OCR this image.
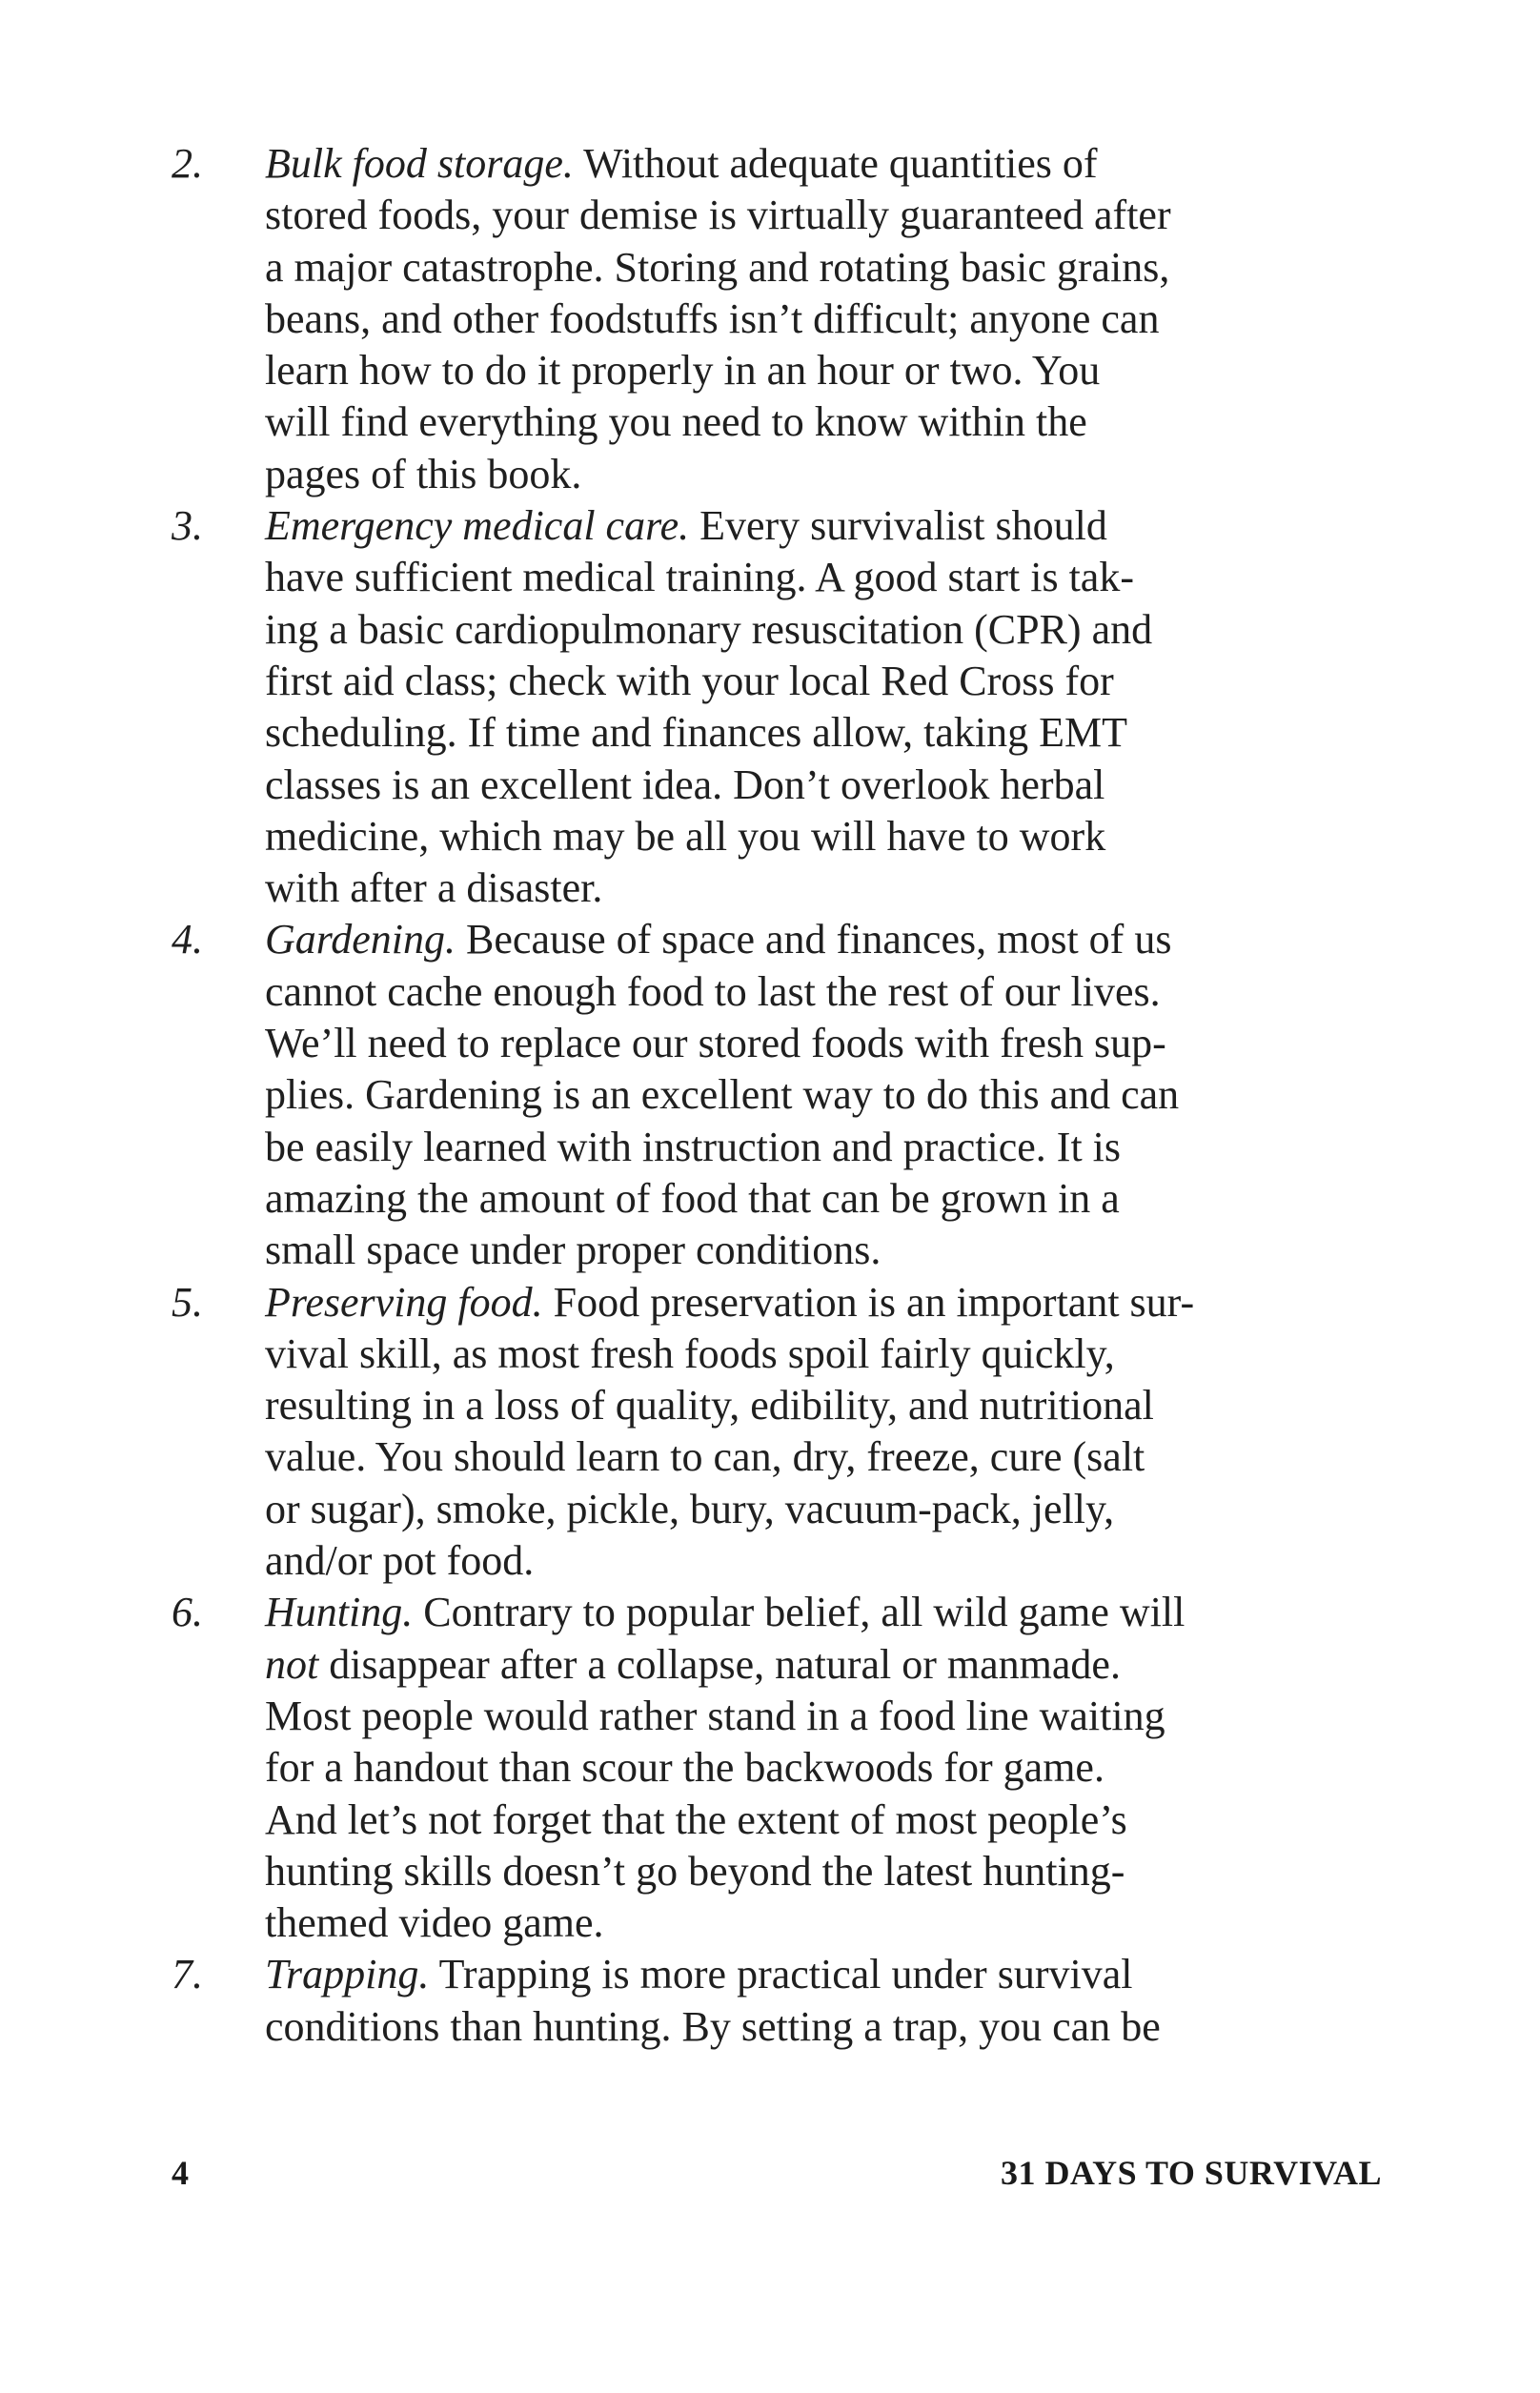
2. Bulk food storage. Without adequate quantities of
stored foods, your demise is virtually guaranteed after
a major catastrophe. Storing and rotating basic grains,
beans, and other foodstuffs isn’t difficult; anyone can
learn how to do it properly in an hour or two. You
will find everything you need to know within the
pages of this book.
3. Emergency medical care. Every survivalist should
have sufficient medical training. A good start is tak-
ing a basic cardiopulmonary resuscitation (CPR) and
first aid class; check with your local Red Cross for
scheduling. If time and finances allow, taking EMT
classes is an excellent idea. Don’t overlook herbal
medicine, which may be all you will have to work
with after a disaster.
4. Gardening. Because of space and finances, most of us
cannot cache enough food to last the rest of our lives.
We’ll need to replace our stored foods with fresh sup-
plies. Gardening is an excellent way to do this and can
be easily learned with instruction and practice. It is
amazing the amount of food that can be grown in a
small space under proper conditions.
5. Preserving food. Food preservation is an important sur-
vival skill, as most fresh foods spoil fairly quickly,
resulting in a loss of quality, edibility, and nutritional
value. You should learn to can, dry, freeze, cure (salt
or sugar), smoke, pickle, bury, vacuum-pack, jelly,
and/or pot food.
6. Hunting. Contrary to popular belief, all wild game will
not disappear after a collapse, natural or manmade.
Most people would rather stand in a food line waiting
for a handout than scour the backwoods for game.
And let’s not forget that the extent of most people’s
hunting skills doesn’t go beyond the latest hunting-
themed video game.
7. Trapping. Trapping is more practical under survival
conditions than hunting. By setting a trap, you can be
4	31 DAYS TO SURVIVAL
